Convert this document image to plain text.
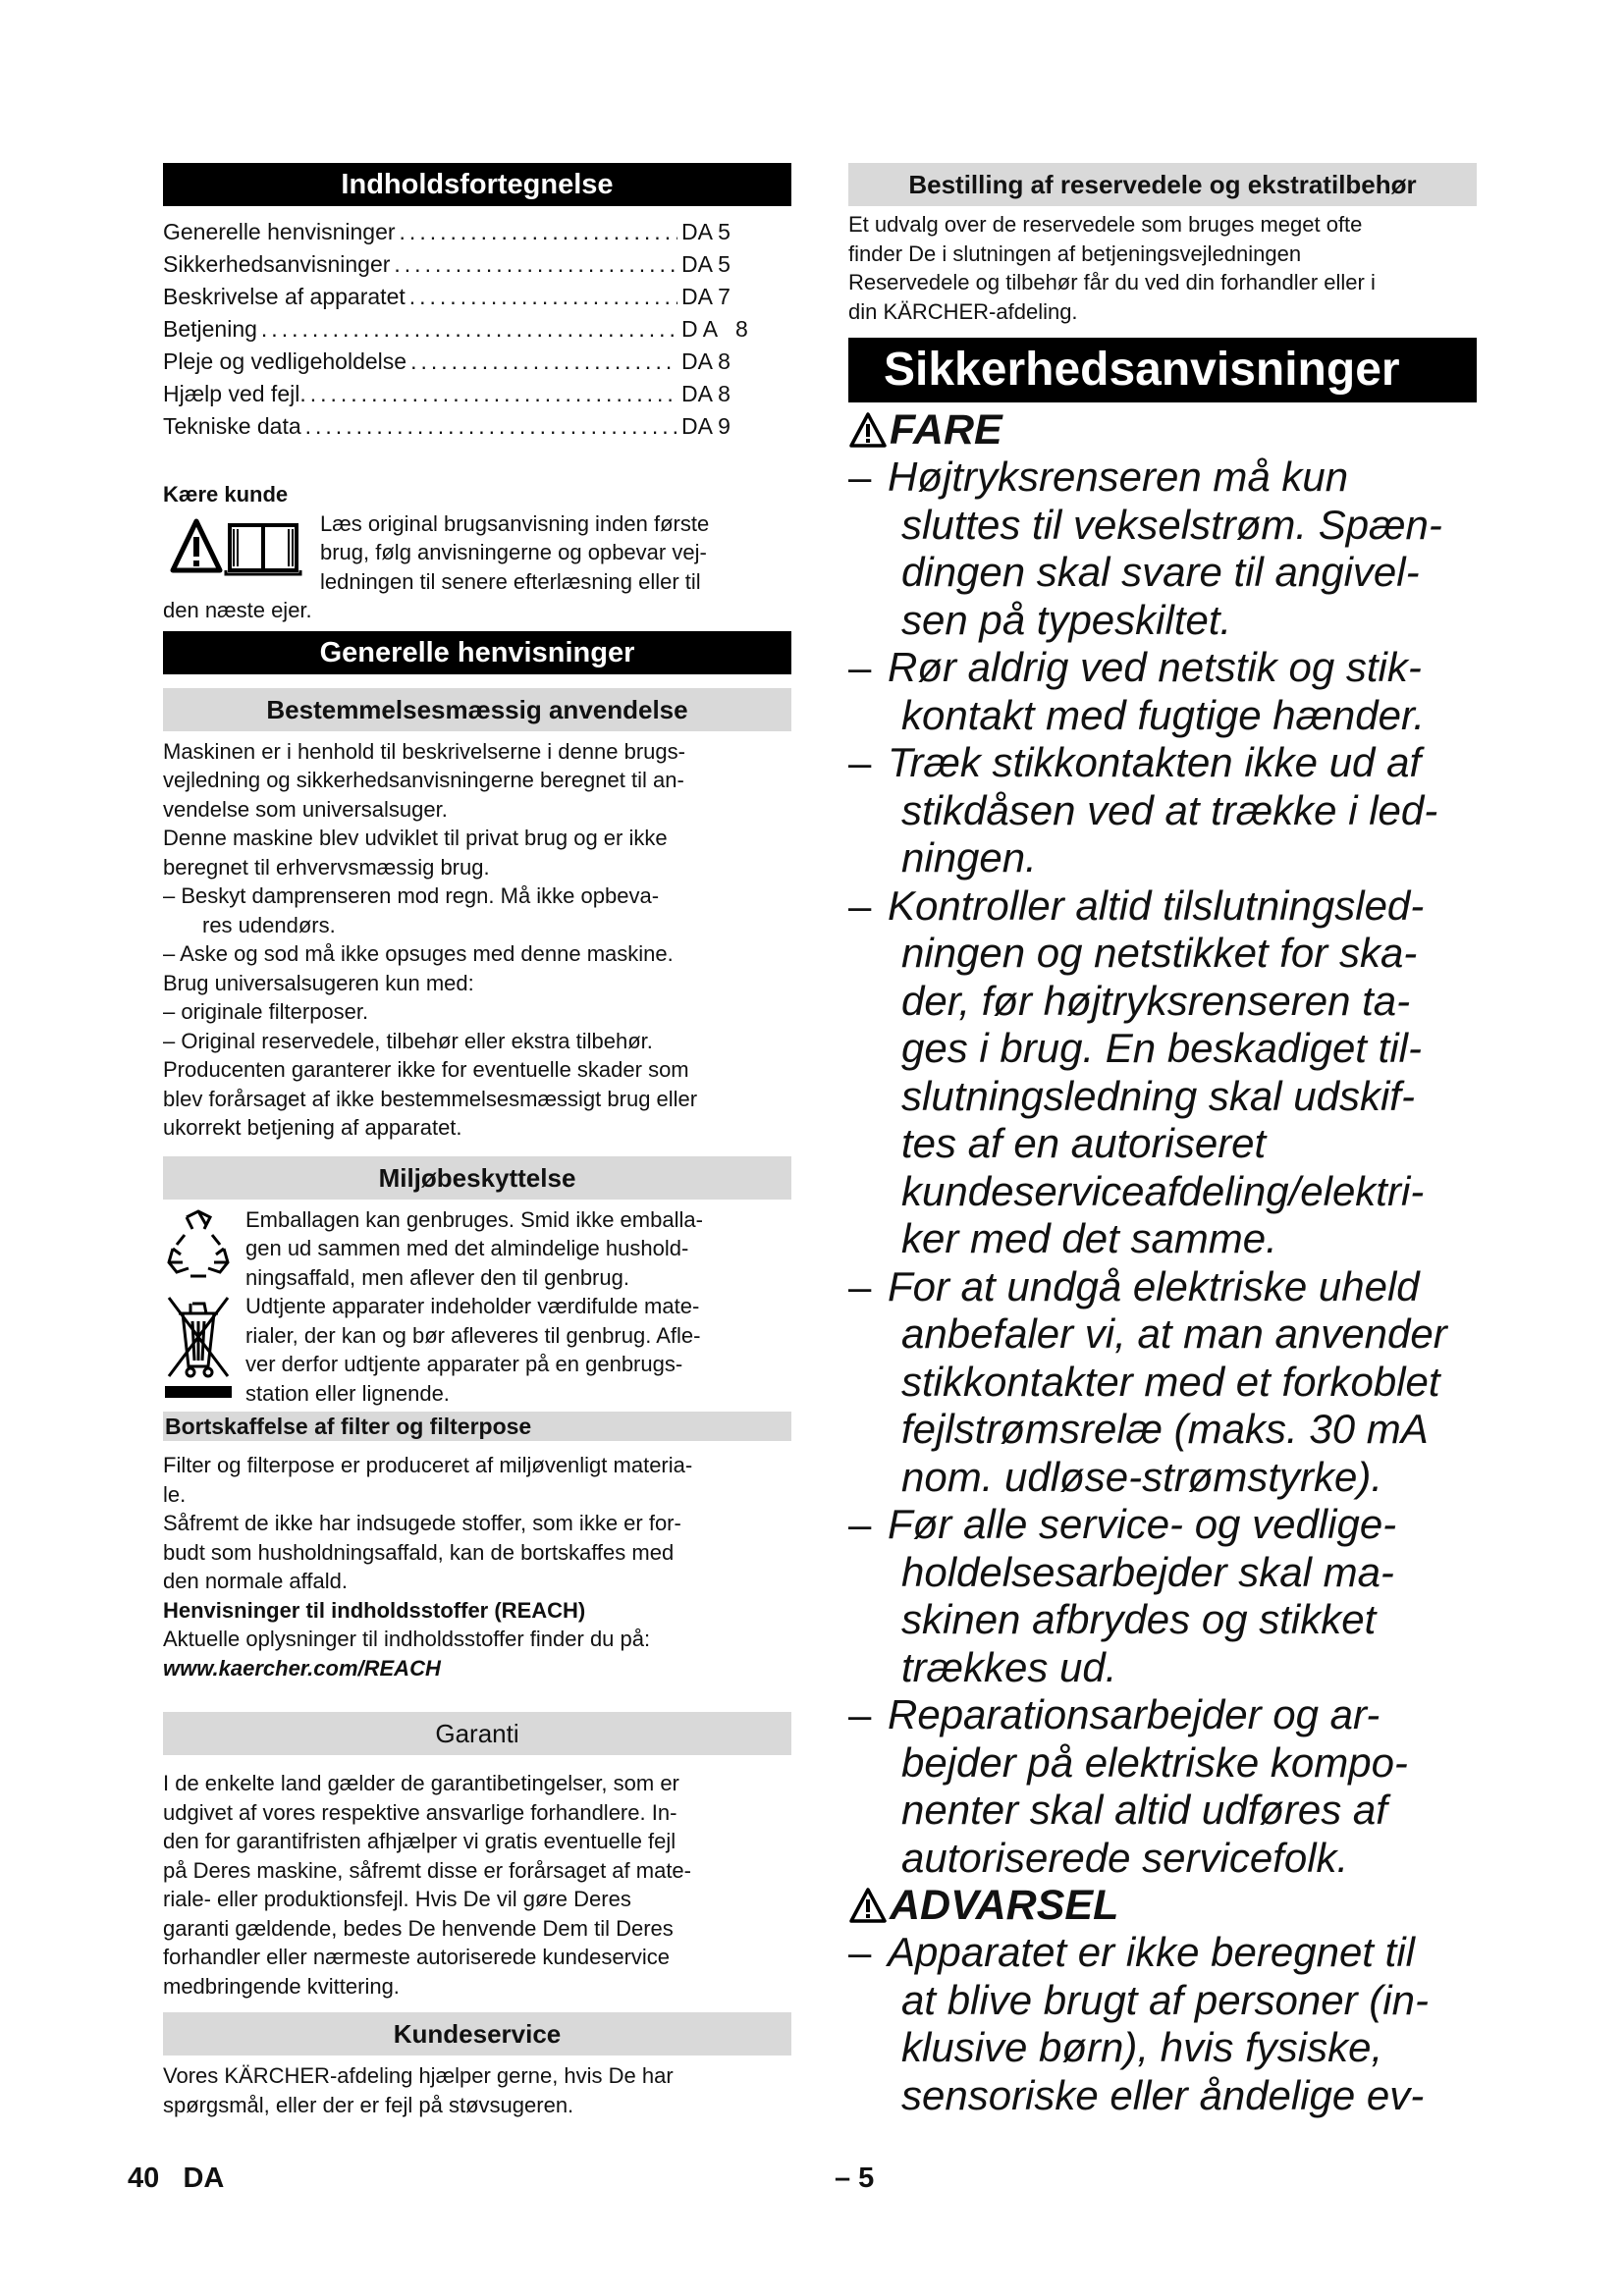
Indholdsfortegnelse
Generelle henvisninger .....	DA 5
Sikkerhedsanvisninger .....	DA 5
Beskrivelse af apparatet .....	DA 7
Betjening .....	D A   8
Pleje og vedligeholdelse .....	DA 8
Hjælp ved fejl. .....	DA 8
Tekniske data .....	DA 9
Kære kunde
Læs original brugsanvisning inden første
brug, følg anvisningerne og opbevar vej-
ledningen til senere efterlæsning eller til
den næste ejer.
Generelle henvisninger
Bestemmelsesmæssig anvendelse
Maskinen er i henhold til beskrivelserne i denne brugs-
vejledning og sikkerhedsanvisningerne beregnet til an-
vendelse som universalsuger.
Denne maskine blev udviklet til privat brug og er ikke
beregnet til erhvervsmæssig brug.
– Beskyt damprenseren mod regn. Må ikke opbeva-
res udendørs.
– Aske og sod må ikke opsuges med denne maskine.
Brug universalsugeren kun med:
– originale filterposer.
– Original reservedele, tilbehør eller ekstra tilbehør.
Producenten garanterer ikke for eventuelle skader som
blev forårsaget af ikke bestemmelsesmæssigt brug eller
ukorrekt betjening af apparatet.
Miljøbeskyttelse
Emballagen kan genbruges. Smid ikke emballa-
gen ud sammen med det almindelige hushold-
ningsaffald, men aflever den til genbrug.
Udtjente apparater indeholder værdifulde mate-
rialer, der kan og bør afleveres til genbrug. Afle-
ver derfor udtjente apparater på en genbrugs-
station eller lignende.
Bortskaffelse af filter og filterpose
Filter og filterpose er produceret af miljøvenligt materia-
le.
Såfremt de ikke har indsugede stoffer, som ikke er for-
budt som husholdningsaffald, kan de bortskaffes med
den normale affald.
Henvisninger til indholdsstoffer (REACH)
Aktuelle oplysninger til indholdsstoffer finder du på:
www.kaercher.com/REACH
Garanti
I de enkelte land gælder de garantibetingelser, som er
udgivet af vores respektive ansvarlige forhandlere. In-
den for garantifristen afhjælper vi gratis eventuelle fejl
på Deres maskine, såfremt disse er forårsaget af mate-
riale- eller produktionsfejl. Hvis De vil gøre Deres
garanti gældende, bedes De henvende Dem til Deres
forhandler eller nærmeste autoriserede kundeservice
medbringende kvittering.
Kundeservice
Vores KÄRCHER-afdeling hjælper gerne, hvis De har
spørgsmål, eller der er fejl på støvsugeren.
Bestilling af reservedele og ekstratilbehør
Et udvalg over de reservedele som bruges meget ofte
finder De i slutningen af betjeningsvejledningen
Reservedele og tilbehør får du ved din forhandler eller i
din KÄRCHER-afdeling.
Sikkerhedsanvisninger
FARE
– Højtryksrenseren må kun
sluttes til vekselstrøm. Spæn-
dingen skal svare til angivel-
sen på typeskiltet.
– Rør aldrig ved netstik og stik-
kontakt med fugtige hænder.
– Træk stikkontakten ikke ud af
stikdåsen ved at trække i led-
ningen.
– Kontroller altid tilslutningsled-
ningen og netstikket for ska-
der, før højtryksrenseren ta-
ges i brug. En beskadiget til-
slutningsledning skal udskif-
tes af en autoriseret
kundeserviceafdeling/elektri-
ker med det samme.
– For at undgå elektriske uheld
anbefaler vi, at man anvender
stikkontakter med et forkoblet
fejlstrømsrelæ (maks. 30 mA
nom. udløse-strømstyrke).
– Før alle service- og vedlige-
holdelsesarbejder skal ma-
skinen afbrydes og stikket
trækkes ud.
– Reparationsarbejder og ar-
bejder på elektriske kompo-
nenter skal altid udføres af
autoriserede servicefolk.
ADVARSEL
– Apparatet er ikke beregnet til
at blive brugt af personer (in-
klusive børn), hvis fysiske,
sensoriske eller åndelige ev-
40 DA	– 5
